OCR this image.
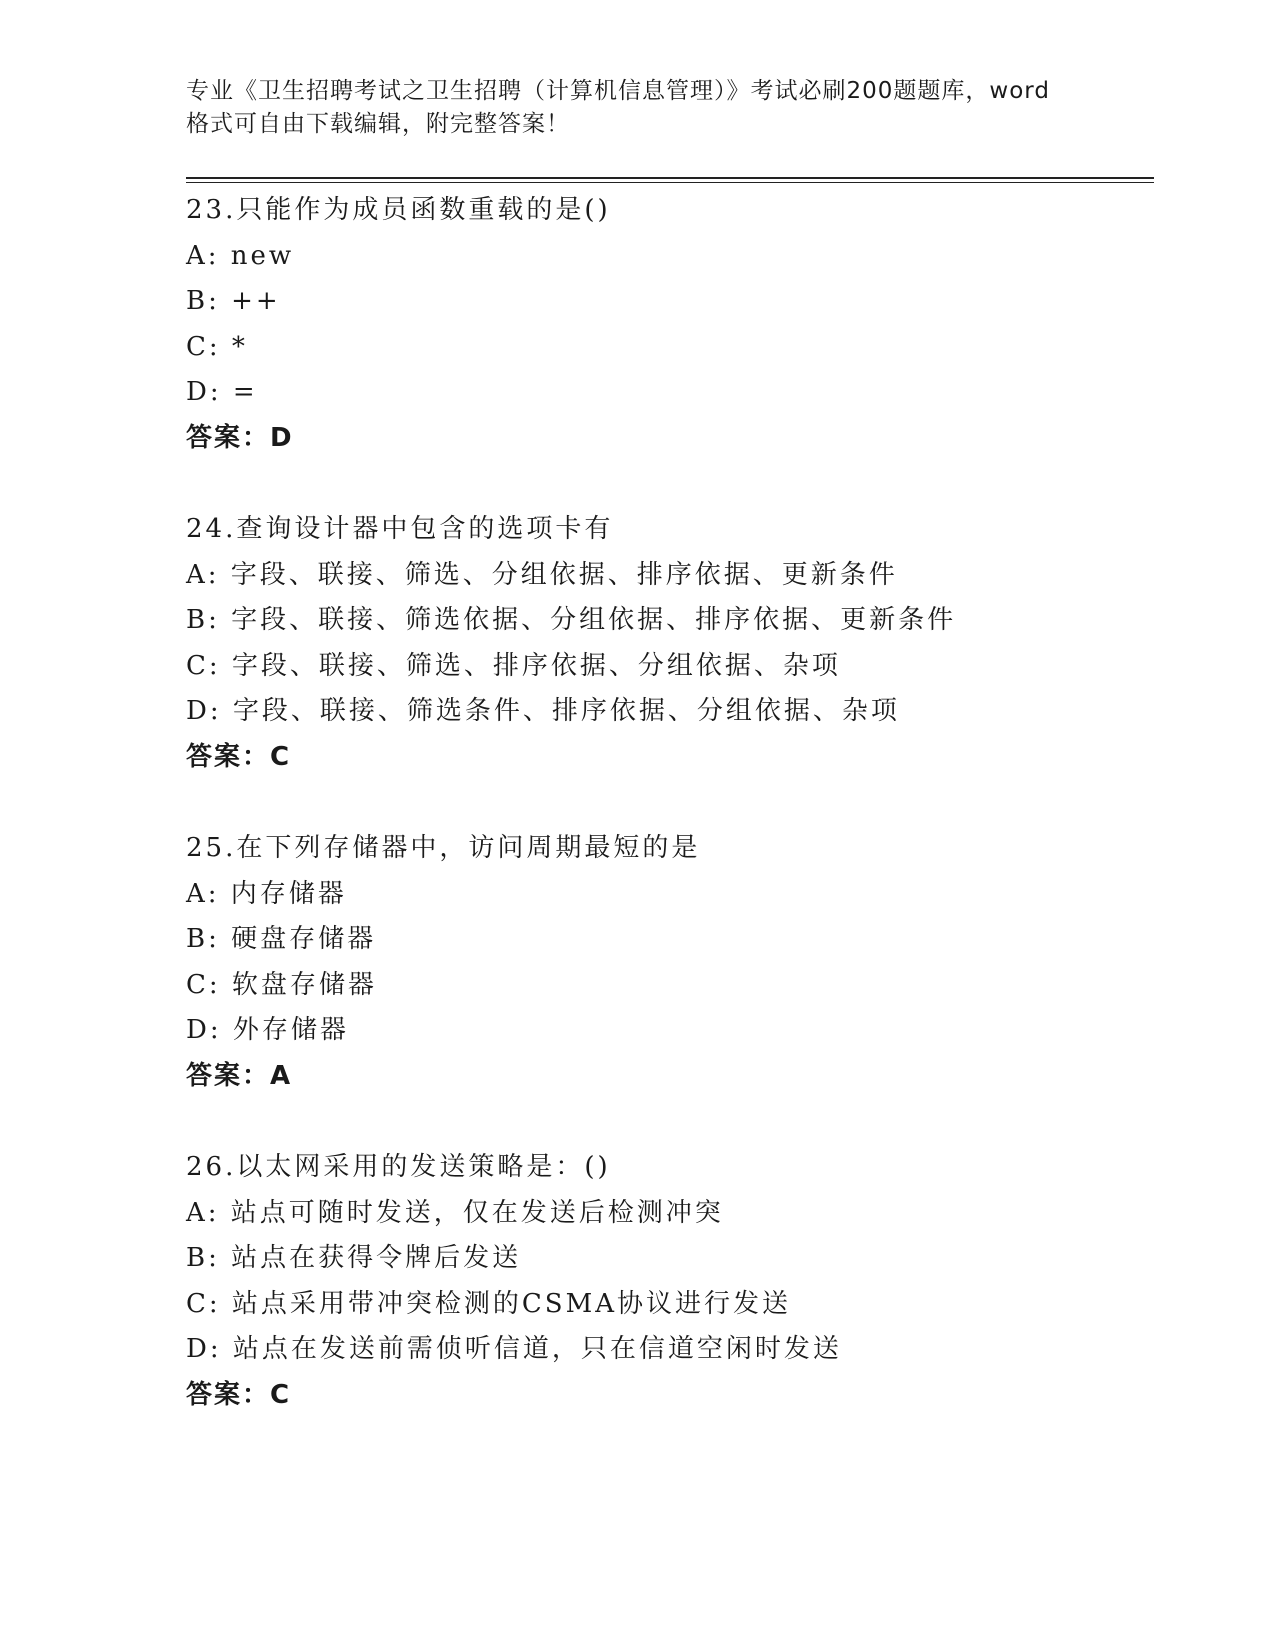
专业《卫生招聘考试之卫生招聘（计算机信息管理）》考试必刷200题题库，word
格式可自由下载编辑，附完整答案！
23.只能作为成员函数重载的是()
A: new
B: ++
C: *
D: =
答案：D
24.查询设计器中包含的选项卡有
A: 字段、联接、筛选、分组依据、排序依据、更新条件
B: 字段、联接、筛选依据、分组依据、排序依据、更新条件
C: 字段、联接、筛选、排序依据、分组依据、杂项
D: 字段、联接、筛选条件、排序依据、分组依据、杂项
答案：C
25.在下列存储器中，访问周期最短的是
A: 内存储器
B: 硬盘存储器
C: 软盘存储器
D: 外存储器
答案：A
26.以太网采用的发送策略是：()
A: 站点可随时发送，仅在发送后检测冲突
B: 站点在获得令牌后发送
C: 站点采用带冲突检测的CSMA协议进行发送
D: 站点在发送前需侦听信道，只在信道空闲时发送
答案：C
